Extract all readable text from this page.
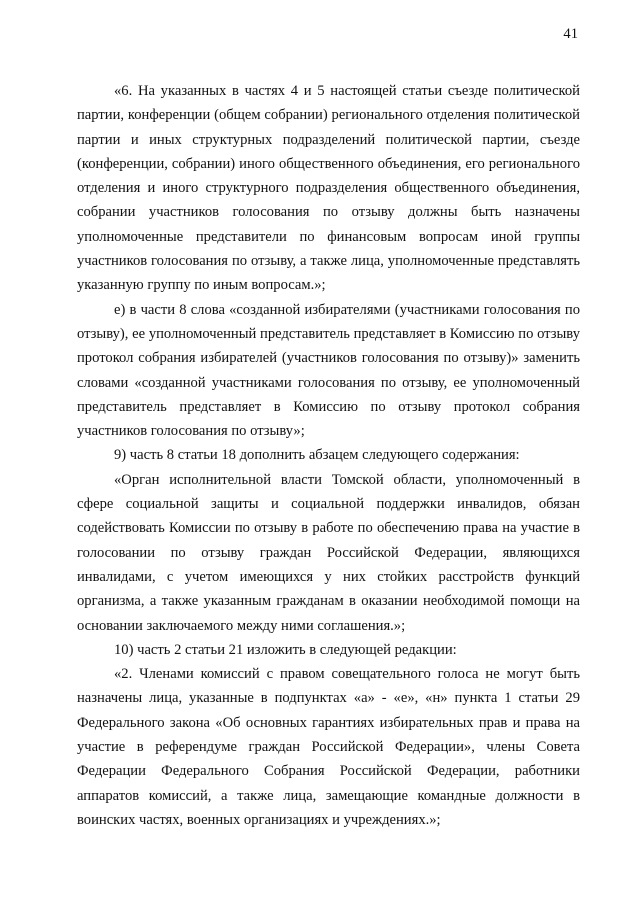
41

«6. На указанных в частях 4 и 5 настоящей статьи съезде политической партии, конференции (общем собрании) регионального отделения политической партии и иных структурных подразделений политической партии, съезде (конференции, собрании) иного общественного объединения, его регионального отделения и иного структурного подразделения общественного объединения, собрании участников голосования по отзыву должны быть назначены уполномоченные представители по финансовым вопросам иной группы участников голосования по отзыву, а также лица, уполномоченные представлять указанную группу по иным вопросам.»;

е) в части 8 слова «созданной избирателями (участниками голосования по отзыву), ее уполномоченный представитель представляет в Комиссию по отзыву протокол собрания избирателей (участников голосования по отзыву)» заменить словами «созданной участниками голосования по отзыву, ее уполномоченный представитель представляет в Комиссию по отзыву протокол собрания участников голосования по отзыву»;

9) часть 8 статьи 18 дополнить абзацем следующего содержания:

«Орган исполнительной власти Томской области, уполномоченный в сфере социальной защиты и социальной поддержки инвалидов, обязан содействовать Комиссии по отзыву в работе по обеспечению права на участие в голосовании по отзыву граждан Российской Федерации, являющихся инвалидами, с учетом имеющихся у них стойких расстройств функций организма, а также указанным гражданам в оказании необходимой помощи на основании заключаемого между ними соглашения.»;

10) часть 2 статьи 21 изложить в следующей редакции:

«2. Членами комиссий с правом совещательного голоса не могут быть назначены лица, указанные в подпунктах «а» - «е», «н» пункта 1 статьи 29 Федерального закона «Об основных гарантиях избирательных прав и права на участие в референдуме граждан Российской Федерации», члены Совета Федерации Федерального Собрания Российской Федерации, работники аппаратов комиссий, а также лица, замещающие командные должности в воинских частях, военных организациях и учреждениях.»;
